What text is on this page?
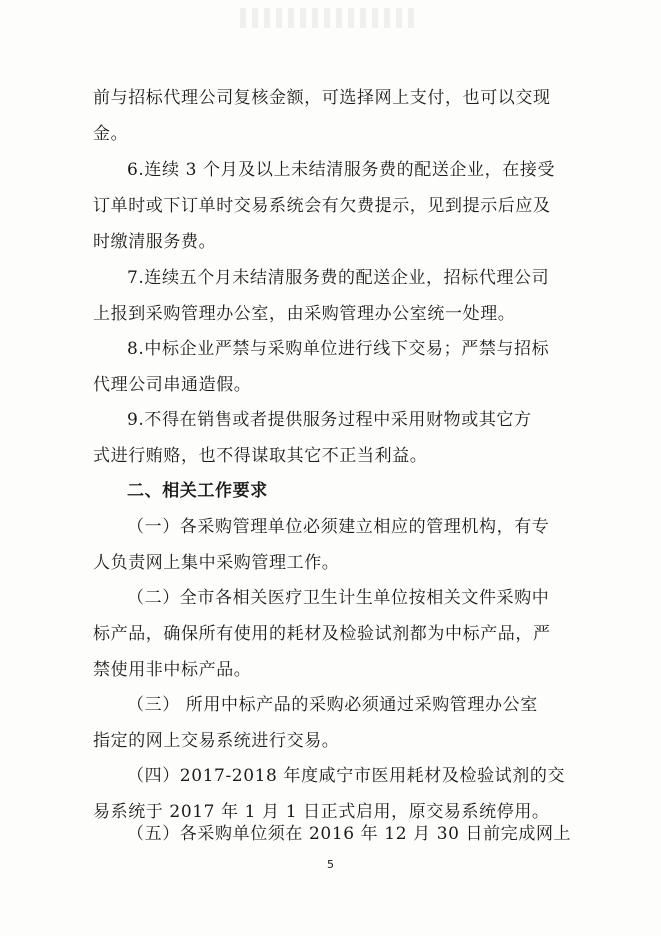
前与招标代理公司复核金额，可选择网上支付，也可以交现
金。

6.连续 3 个月及以上未结清服务费的配送企业，在接受
订单时或下订单时交易系统会有欠费提示，见到提示后应及
时缴清服务费。

7.连续五个月未结清服务费的配送企业，招标代理公司
上报到采购管理办公室，由采购管理办公室统一处理。

8.中标企业严禁与采购单位进行线下交易；严禁与招标
代理公司串通造假。

9.不得在销售或者提供服务过程中采用财物或其它方
式进行贿赂，也不得谋取其它不正当利益。

二、相关工作要求

（一）各采购管理单位必须建立相应的管理机构，有专
人负责网上集中采购管理工作。

（二）全市各相关医疗卫生计生单位按相关文件采购中
标产品，确保所有使用的耗材及检验试剂都为中标产品，严
禁使用非中标产品。

（三） 所用中标产品的采购必须通过采购管理办公室
指定的网上交易系统进行交易。

（四）2017-2018 年度咸宁市医用耗材及检验试剂的交
易系统于 2017 年 1 月 1 日正式启用，原交易系统停用。

（五）各采购单位须在 2016 年 12 月 30 日前完成网上

5
